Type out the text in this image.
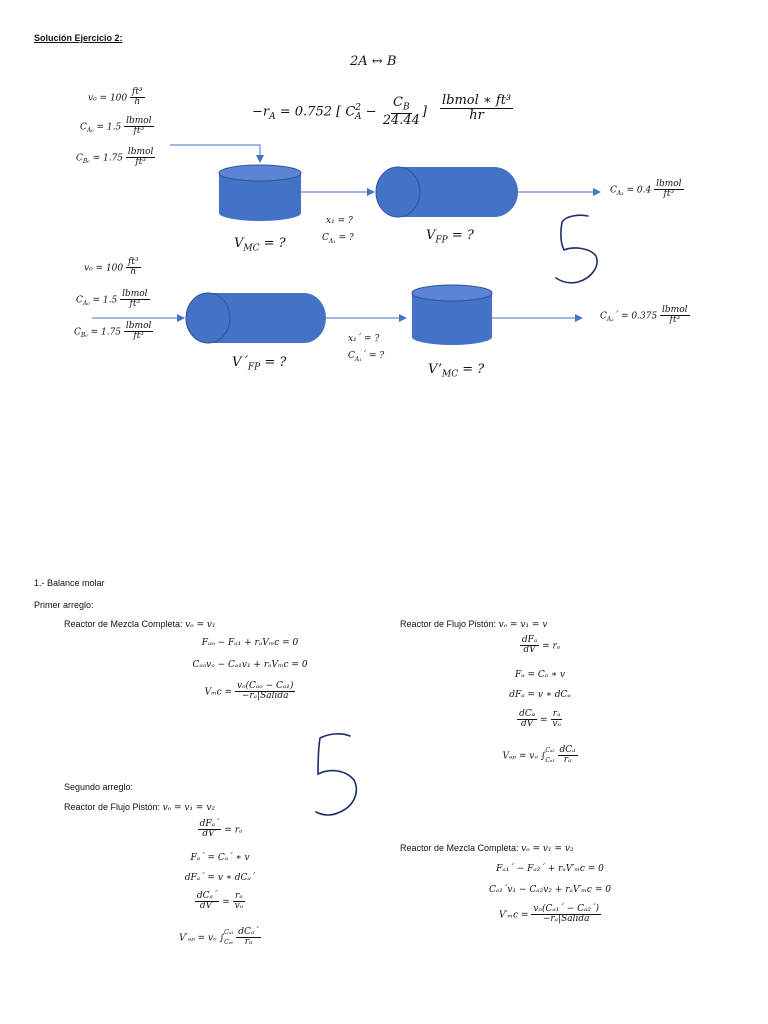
Solución Ejercicio 2:
2A ↔ B
$-r_A = 0.752$ [ $C^2_A - \frac{C_B}{24.44}$ ] $\frac{\text{lbmol ∗ ft³}}{hr}$
$v_0 = 100 \frac{\text{ft³}}{h}$
$C_{A_0} = 1.5 \frac{\text{lbmol}}{\text{ft³}}$
$C_{B_0} = 1.75 \frac{\text{lbmol}}{\text{ft³}}$
$V_{MC}$ = ?
$V_{FP}$ = ?
x₁ = ?
$C_{A_1}$ = ?
$C_{A_2} = 0.4 \frac{\text{lbmol}}{\text{ft³}}$
$v_0 = 100 \frac{\text{ft³}}{h}$
$C_{A_0} = 1.5 \frac{\text{lbmol}}{\text{ft³}}$
$C_{B_0} = 1.75 \frac{\text{lbmol}}{\text{ft³}}$
$V´_{FP}$ = ?	$V’_{MC}$ = ?
x₁´ = ?
$C_{A_1}´$ = ?
$C_{A_2}´ = 0.375 \frac{\text{lbmol}}{\text{ft³}}$
1.- Balance molar
Primer arreglo:
Reactor de Mezcla Completa: vₒ = v₁
Fₐₒ − Fₐ₁ + rₐVₘc = 0
Cₐₒvₒ − Cₐ₁v₁ + rₐVₘc = 0
$V_mc = \frac{\text{vₒ(Cₐₒ − Cₐ₁)}}{\text{−rₐ|Salida}}$
Reactor de Flujo Pistón: vₒ = v₁ = v
$\frac{\text{dFₐ}}{dV} = r_a$
Fₐ = Cₐ ∗ v
dFₐ = v ∗ dCₐ
$\frac{\text{dCₐ}}{dV} = \frac{\text{rₐ}}{\text{vₒ}}$
Vₔₚ = vₒ ∫
Cₐ₂
Cₐ₁
$\frac{\text{dCₐ}}{\text{rₐ}}$
Segundo arreglo:
Reactor de Flujo Pistón: vₒ = v₁ = v₂
$\frac{\text{dFₐ´}}{dV'} = r_a$
Fₐ´ = Cₐ´ ∗ v
dFₐ´ = v ∗ dCₐ´
$\frac{\text{dCₐ´}}{dV'} = \frac{\text{rₐ}}{\text{vₒ}}$
V′ₔₚ = vₒ ∫
Cₐ₁
Cₐ₀
$\frac{\text{dCₐ´}}{\text{rₐ}}$
Reactor de Mezcla Completa: vₒ = v₁ = v₂
Fₐ₁´ − Fₐ₂´ + rₐV′ₘc = 0
Cₐ₁´v₁ − Cₐ₂v₂ + rₐV′ₘc = 0
$V'_mc = \frac{\text{vₒ(Cₐ₁´ − Cₐ₂´)}}{\text{−rₐ|Salida}}$
